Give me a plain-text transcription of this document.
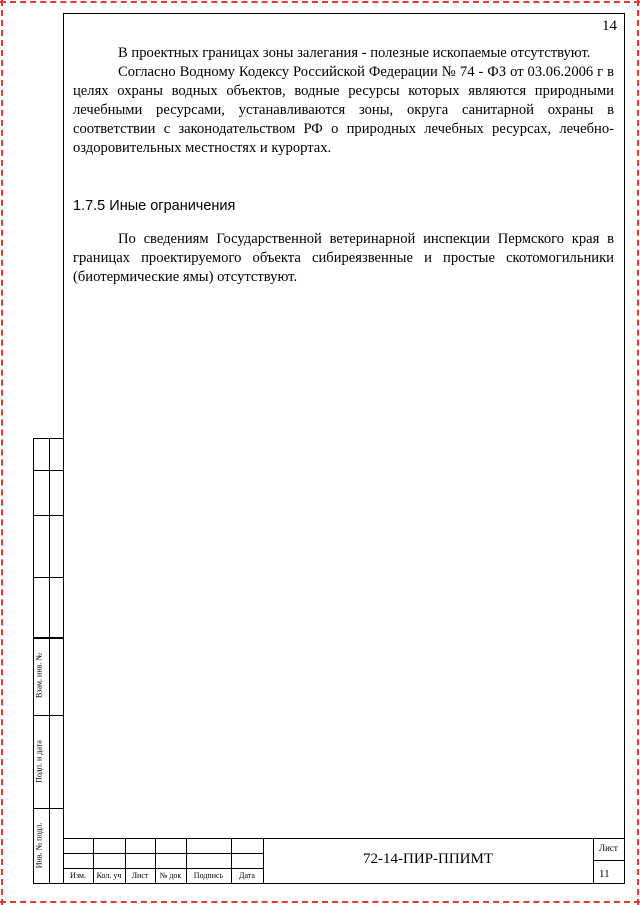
14

В проектных границах зоны залегания - полезные ископаемые отсутствуют.

Согласно Водному Кодексу Российской Федерации № 74 - ФЗ от 03.06.2006 г в целях охраны водных объектов, водные ресурсы которых являются природными лечебными ресурсами, устанавливаются зоны, округа санитарной охраны в соответствии с законодательством РФ о природных лечебных ресурсах, лечебно-оздоровительных местностях и курортах.

1.7.5 Иные ограничения

По сведениям Государственной ветеринарной инспекции Пермского края в границах проектируемого объекта сибиреязвенные и простые скотомогильники (биотермические ямы) отсутствуют.

Взам. инв. №
Подп. и дата
Инв. № подл.
Изм.	Кол. уч	Лист	№ док	Подпись	Дата
72-14-ПИР-ППИМТ
Лист
11
